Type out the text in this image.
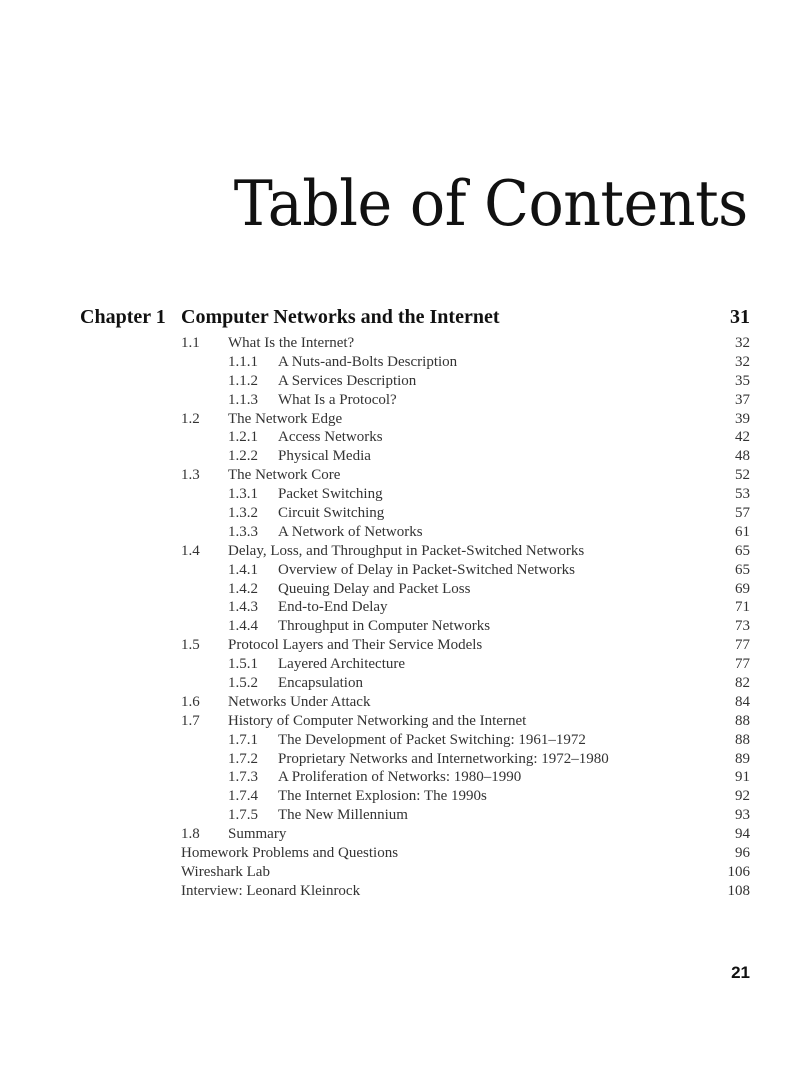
Table of Contents
Chapter 1 Computer Networks and the Internet	31
1.1 What Is the Internet?	32
1.1.1 A Nuts-and-Bolts Description	32
1.1.2 A Services Description	35
1.1.3 What Is a Protocol?	37
1.2 The Network Edge	39
1.2.1 Access Networks	42
1.2.2 Physical Media	48
1.3 The Network Core	52
1.3.1 Packet Switching	53
1.3.2 Circuit Switching	57
1.3.3 A Network of Networks	61
1.4 Delay, Loss, and Throughput in Packet-Switched Networks	65
1.4.1 Overview of Delay in Packet-Switched Networks	65
1.4.2 Queuing Delay and Packet Loss	69
1.4.3 End-to-End Delay	71
1.4.4 Throughput in Computer Networks	73
1.5 Protocol Layers and Their Service Models	77
1.5.1 Layered Architecture	77
1.5.2 Encapsulation	82
1.6 Networks Under Attack	84
1.7 History of Computer Networking and the Internet	88
1.7.1 The Development of Packet Switching: 1961–1972	88
1.7.2 Proprietary Networks and Internetworking: 1972–1980	89
1.7.3 A Proliferation of Networks: 1980–1990	91
1.7.4 The Internet Explosion: The 1990s	92
1.7.5 The New Millennium	93
1.8 Summary	94
Homework Problems and Questions	96
Wireshark Lab	106
Interview: Leonard Kleinrock	108
21
